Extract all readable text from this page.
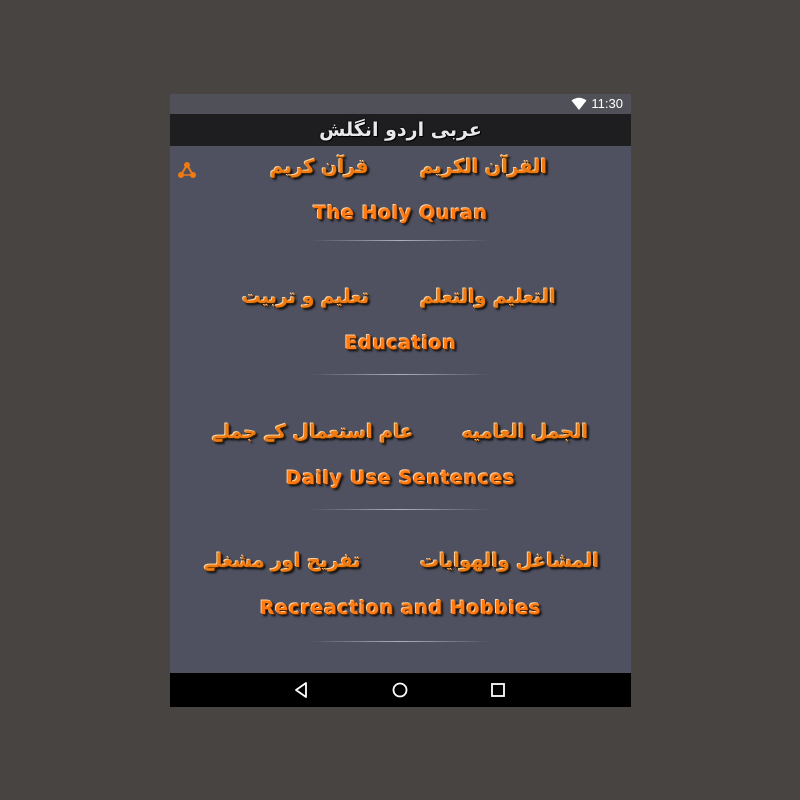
11:30
عربی اردو انگلش
القرآن الكريم
قرآن کریم
The Holy Quran
التعليم والتعلم
تعلیم و تربیت
Education
الجمل العاميه
عام استعمال کے جملے
Daily Use Sentences
المشاغل والهوايات
تفریح اور مشغلے
Recreaction and Hobbies
